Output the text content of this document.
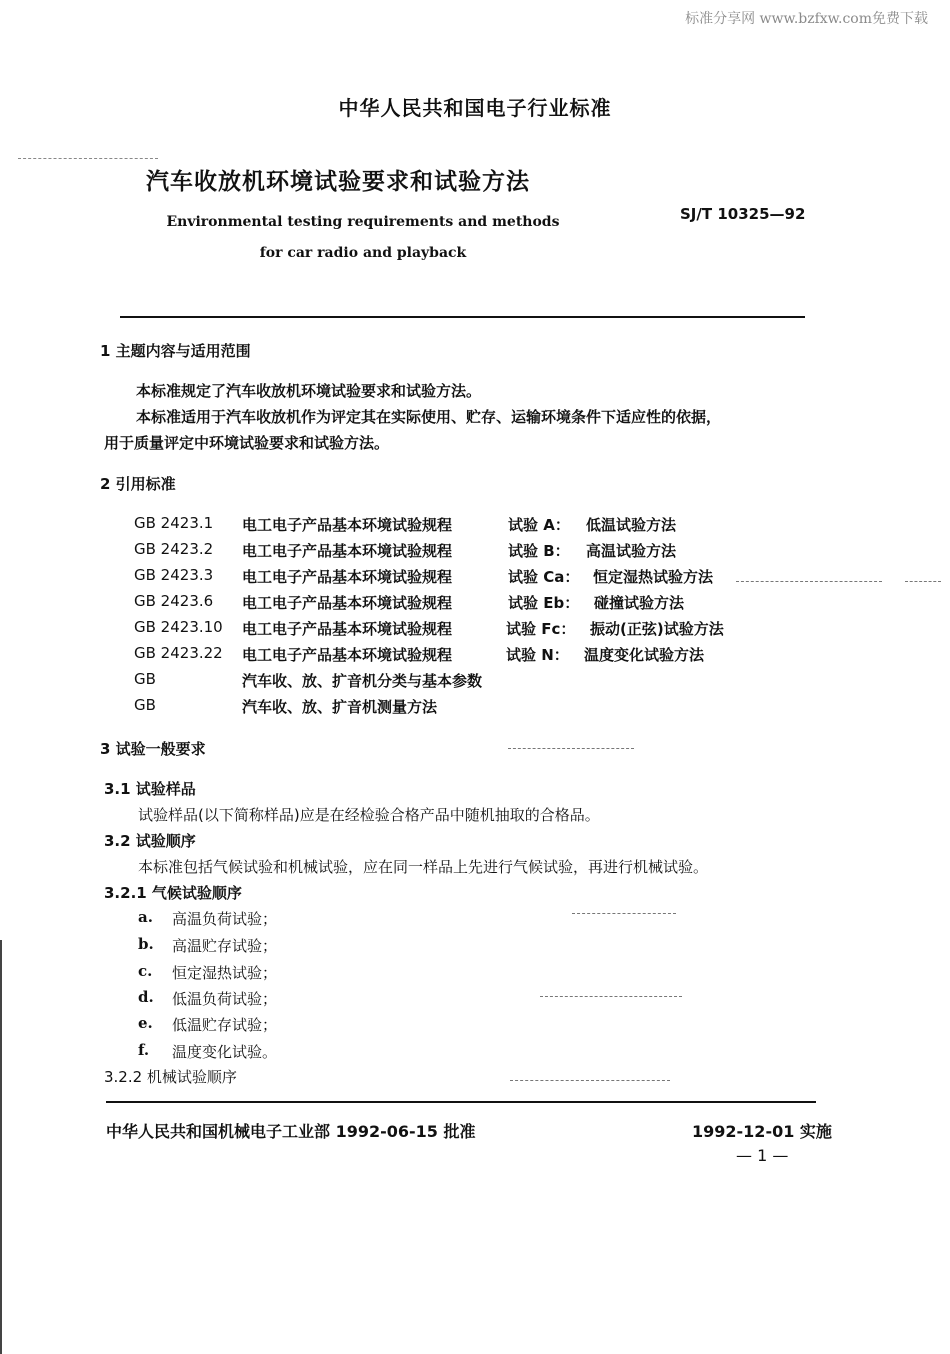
标准分享网 www.bzfxw.com免费下载
中华人民共和国电子行业标准
汽车收放机环境试验要求和试验方法
Environmental testing requirements and methods
for car radio and playback
SJ/T 10325—92
1 主题内容与适用范围
本标准规定了汽车收放机环境试验要求和试验方法。
本标准适用于汽车收放机作为评定其在实际使用、贮存、运输环境条件下适应性的依据，
用于质量评定中环境试验要求和试验方法。
2 引用标准
GB 2423.1 电工电子产品基本环境试验规程	试验 A： 低温试验方法
GB 2423.2 电工电子产品基本环境试验规程	试验 B： 高温试验方法
GB 2423.3 电工电子产品基本环境试验规程	试验 Ca： 恒定湿热试验方法
GB 2423.6 电工电子产品基本环境试验规程	试验 Eb： 碰撞试验方法
GB 2423.10 电工电子产品基本环境试验规程	试验 Fc： 振动(正弦)试验方法
GB 2423.22 电工电子产品基本环境试验规程	试验 N： 温度变化试验方法
GB	汽车收、放、扩音机分类与基本参数
GB	汽车收、放、扩音机测量方法
3 试验一般要求
3.1 试验样品
试验样品(以下简称样品)应是在经检验合格产品中随机抽取的合格品。
3.2 试验顺序
本标准包括气候试验和机械试验，应在同一样品上先进行气候试验，再进行机械试验。
3.2.1 气候试验顺序
a. 高温负荷试验；
b. 高温贮存试验；
c. 恒定湿热试验；
d. 低温负荷试验；
e. 低温贮存试验；
f. 温度变化试验。
3.2.2 机械试验顺序
中华人民共和国机械电子工业部 1992-06-15 批准	1992-12-01 实施
— 1 —
